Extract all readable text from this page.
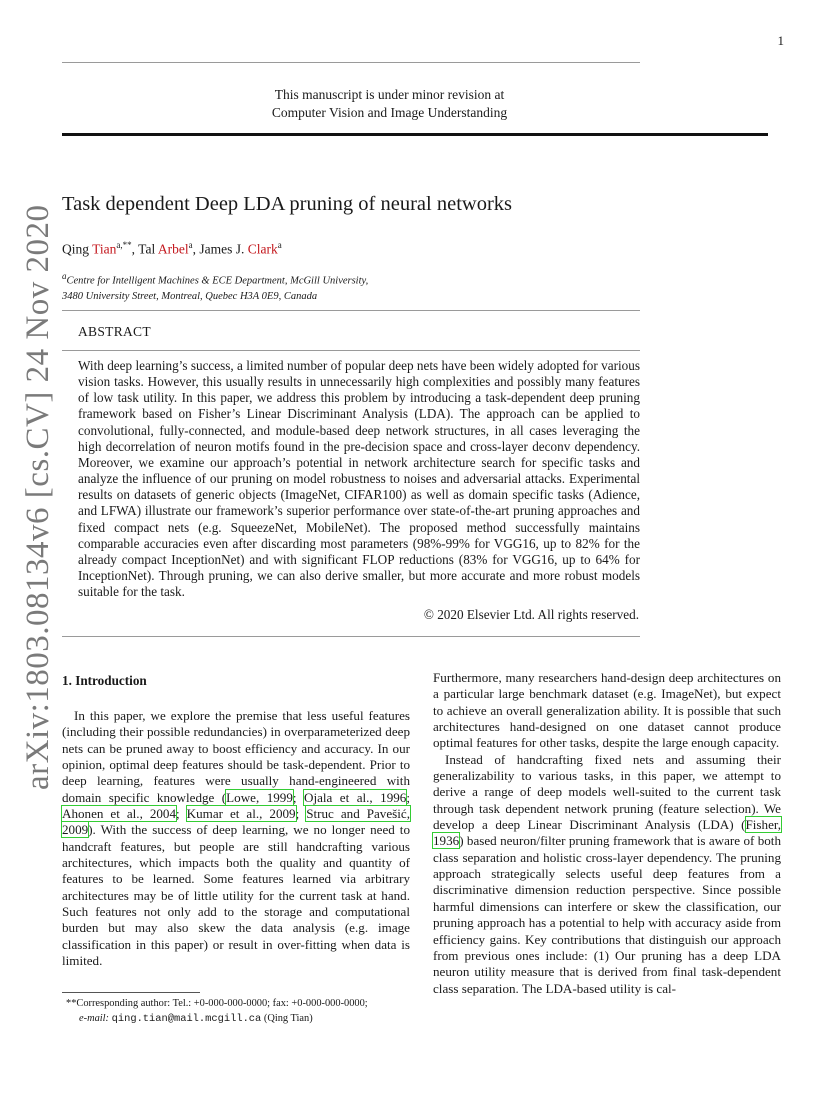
1
This manuscript is under minor revision at
Computer Vision and Image Understanding
Task dependent Deep LDA pruning of neural networks
Qing Tian$^{a,**}$, Tal Arbel$^a$, James J. Clark$^a$
$^a$Centre for Intelligent Machines & ECE Department, McGill University,
3480 University Street, Montreal, Quebec H3A 0E9, Canada
ABSTRACT
With deep learning’s success, a limited number of popular deep nets have been widely adopted for various vision tasks. However, this usually results in unnecessarily high complexities and possibly many features of low task utility. In this paper, we address this problem by introducing a task-dependent deep pruning framework based on Fisher’s Linear Discriminant Analysis (LDA). The approach can be applied to convolutional, fully-connected, and module-based deep network structures, in all cases leveraging the high decorrelation of neuron motifs found in the pre-decision space and cross-layer deconv dependency. Moreover, we examine our approach’s potential in network architecture search for specific tasks and analyze the influence of our pruning on model robustness to noises and adversarial attacks. Experimental results on datasets of generic objects (ImageNet, CIFAR100) as well as domain specific tasks (Adience, and LFWA) illustrate our framework’s superior performance over state-of-the-art pruning approaches and fixed compact nets (e.g. SqueezeNet, MobileNet). The proposed method successfully maintains comparable accuracies even after discarding most parameters (98%-99% for VGG16, up to 82% for the already compact InceptionNet) and with significant FLOP reductions (83% for VGG16, up to 64% for InceptionNet). Through pruning, we can also derive smaller, but more accurate and more robust models suitable for the task.
© 2020 Elsevier Ltd. All rights reserved.
arXiv:1803.08134v6 [cs.CV] 24 Nov 2020 1. Introduction

In this paper, we explore the premise that less useful features (including their possible redundancies) in overparameterized deep nets can be pruned away to boost efficiency and accuracy. In our opinion, optimal deep features should be task-dependent. Prior to deep learning, features were usually hand-engineered with domain specific knowledge (Lowe, 1999; Ojala et al., 1996; Ahonen et al., 2004; Kumar et al., 2009; Struc and Pavešić, 2009). With the success of deep learning, we no longer need to handcraft features, but people are still handcrafting various architectures, which impacts both the quality and quantity of features to be learned. Some features learned via arbitrary architectures may be of little utility for the current task at hand. Such features not only add to the storage and computational burden but may also skew the data analysis (e.g. image classification in this paper) or result in over-fitting when data is limited.

Furthermore, many researchers hand-design deep architectures on a particular large benchmark dataset (e.g. ImageNet), but expect to achieve an overall generalization ability. It is possible that such architectures hand-designed on one dataset cannot produce optimal features for other tasks, despite the large enough capacity.

Instead of handcrafting fixed nets and assuming their generalizability to various tasks, in this paper, we attempt to derive a range of deep models well-suited to the current task through task dependent network pruning (feature selection). We develop a deep Linear Discriminant Analysis (LDA) (Fisher, 1936) based neuron/filter pruning framework that is aware of both class separation and holistic cross-layer dependency. The pruning approach strategically selects useful deep features from a discriminative dimension reduction perspective. Since possible harmful dimensions can interfere or skew the classification, our pruning approach has a potential to help with accuracy aside from efficiency gains. Key contributions that distinguish our approach from previous ones include: (1) Our pruning has a deep LDA neuron utility measure that is derived from final task-dependent class separation. The LDA-based utility is cal-

**Corresponding author: Tel.: +0-000-000-0000; fax: +0-000-000-0000;
e-mail: qing.tian@mail.mcgill.ca (Qing Tian)
